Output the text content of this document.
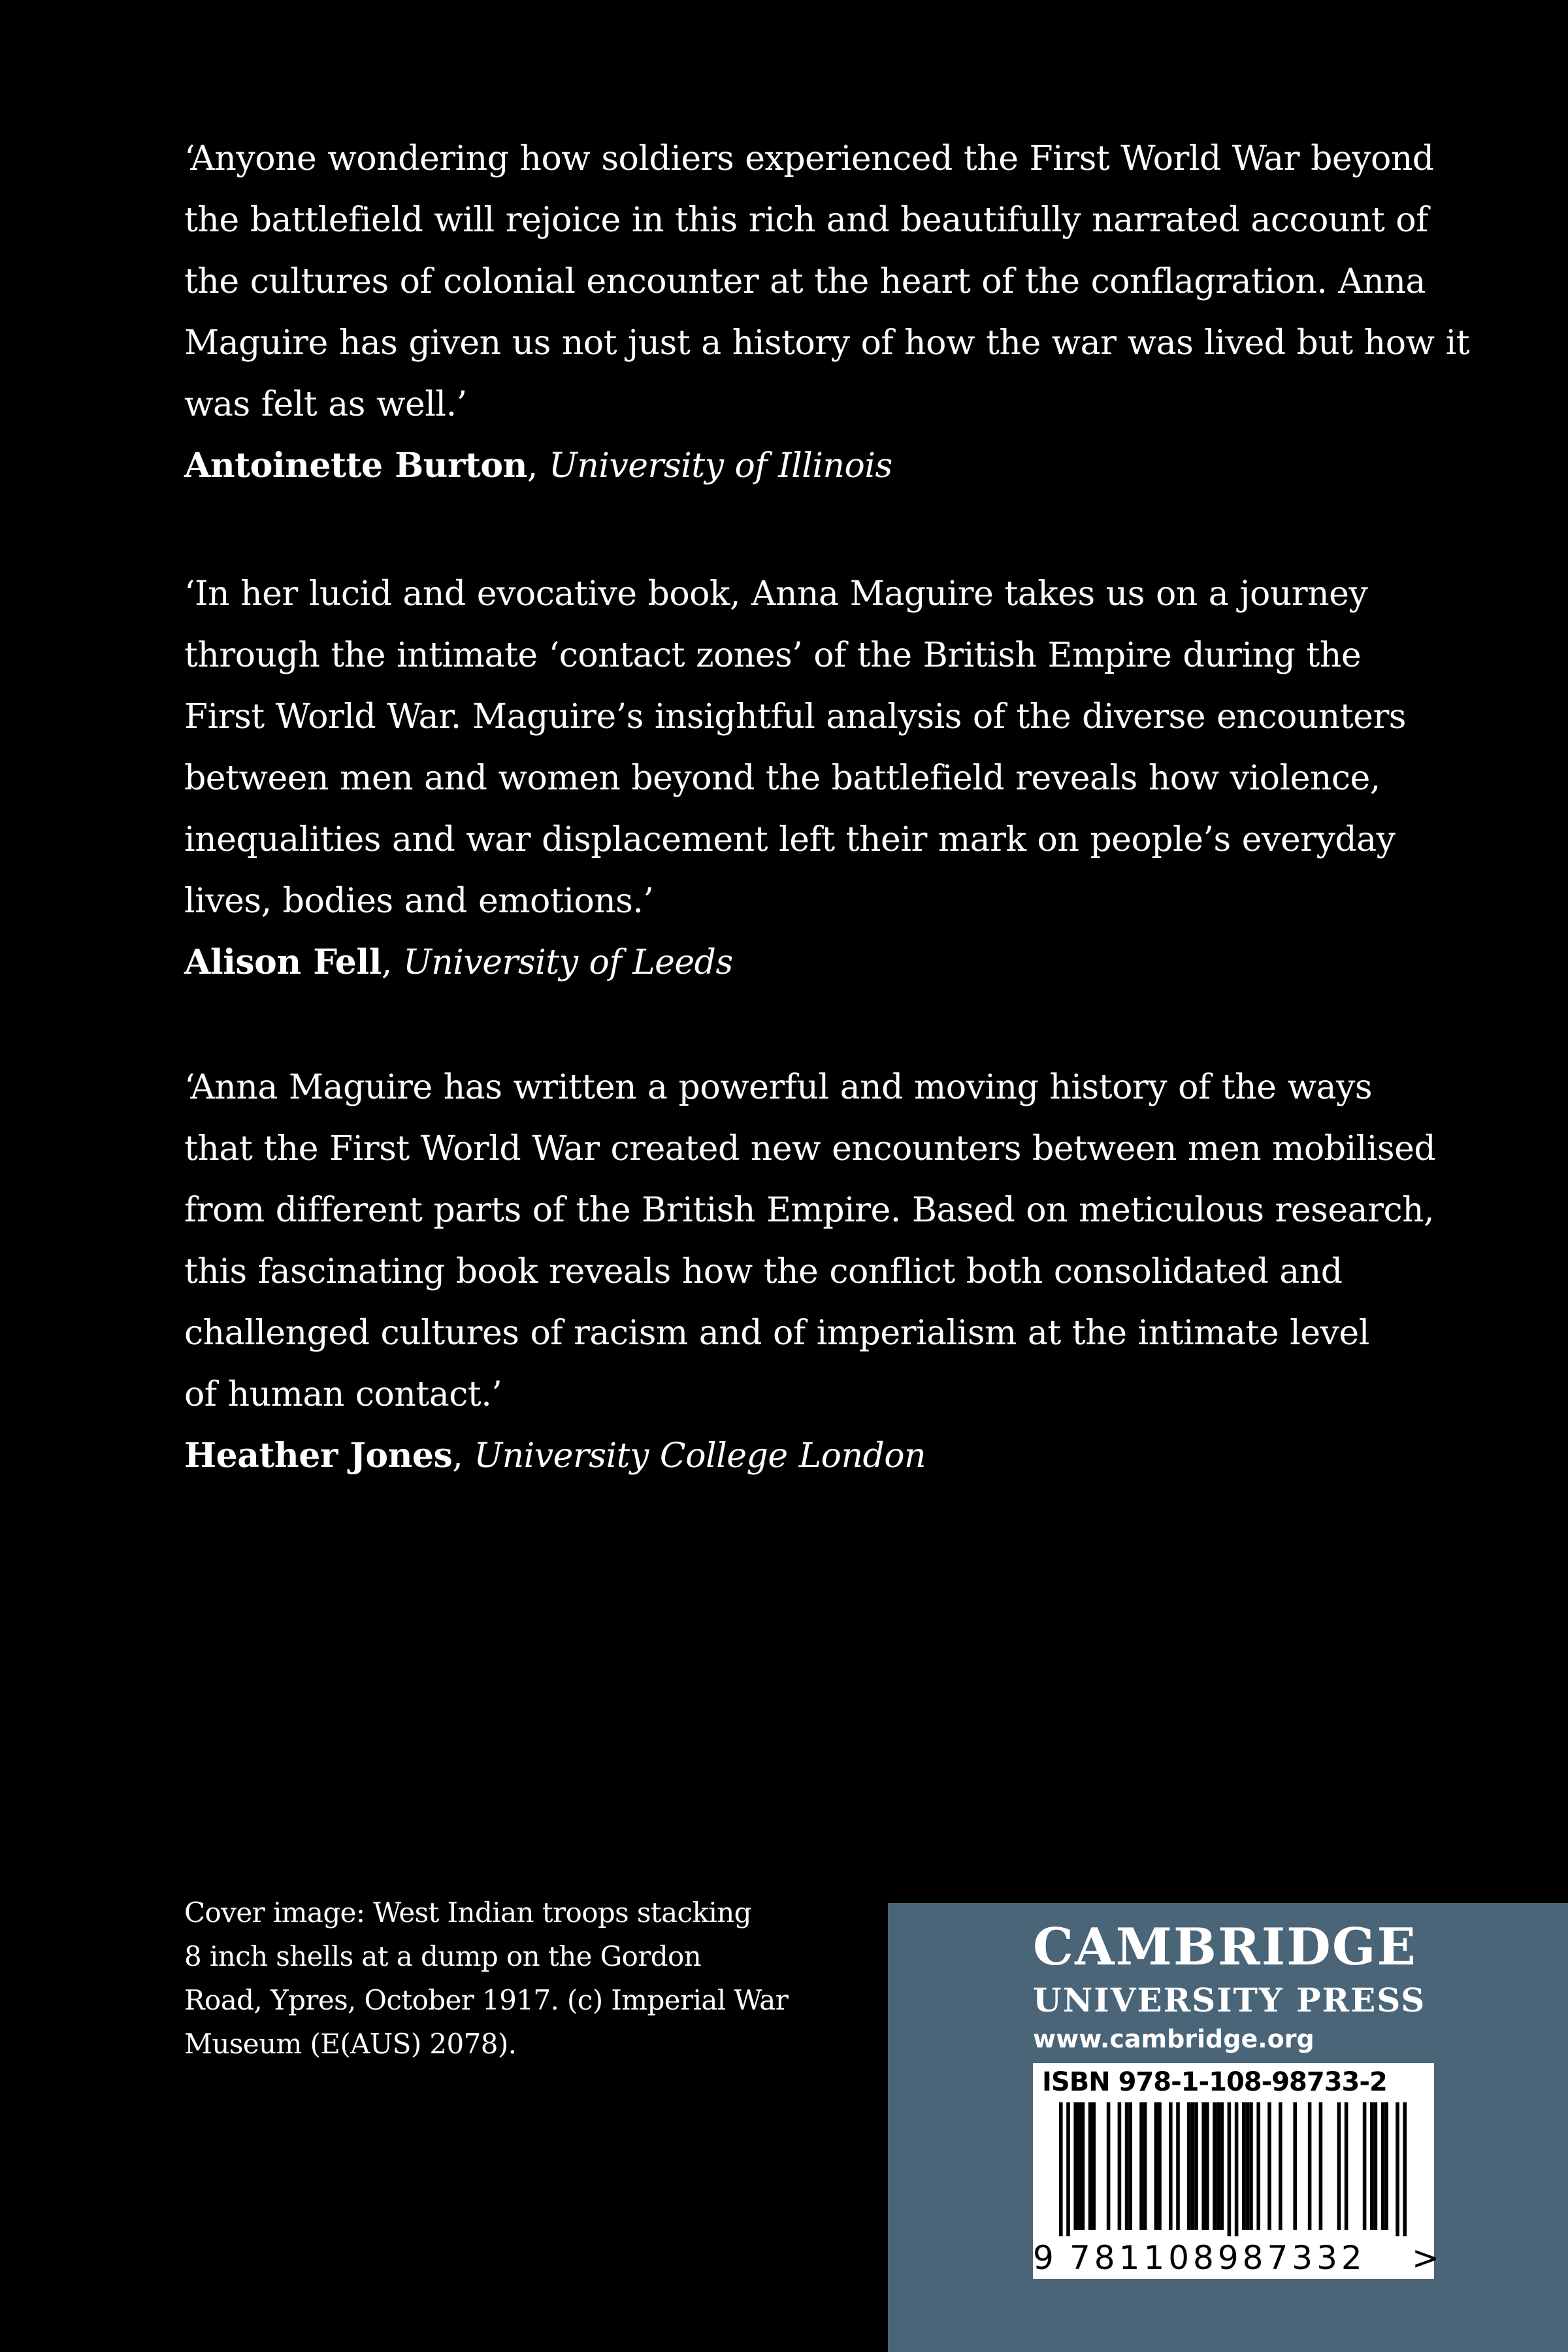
‘Anyone wondering how soldiers experienced the First World War beyond
the battlefield will rejoice in this rich and beautifully narrated account of
the cultures of colonial encounter at the heart of the conflagration. Anna
Maguire has given us not just a history of how the war was lived but how it
was felt as well.’

Antoinette Burton, University of Illinois

‘In her lucid and evocative book, Anna Maguire takes us on a journey
through the intimate ‘contact zones’ of the British Empire during the
First World War. Maguire’s insightful analysis of the diverse encounters
between men and women beyond the battlefield reveals how violence,
inequalities and war displacement left their mark on people’s everyday
lives, bodies and emotions.’

Alison Fell, University of Leeds

‘Anna Maguire has written a powerful and moving history of the ways
that the First World War created new encounters between men mobilised
from different parts of the British Empire. Based on meticulous research,
this fascinating book reveals how the conflict both consolidated and
challenged cultures of racism and of imperialism at the intimate level
of human contact.’

Heather Jones, University College London
Cover image: West Indian troops stacking
8 inch shells at a dump on the Gordon
Road, Ypres, October 1917. (c) Imperial War
Museum (E(AUS) 2078).
CAMBRIDGE
UNIVERSITY PRESS
www.cambridge.org
ISBN 978-1-108-98733-2
9 781108987332 >
